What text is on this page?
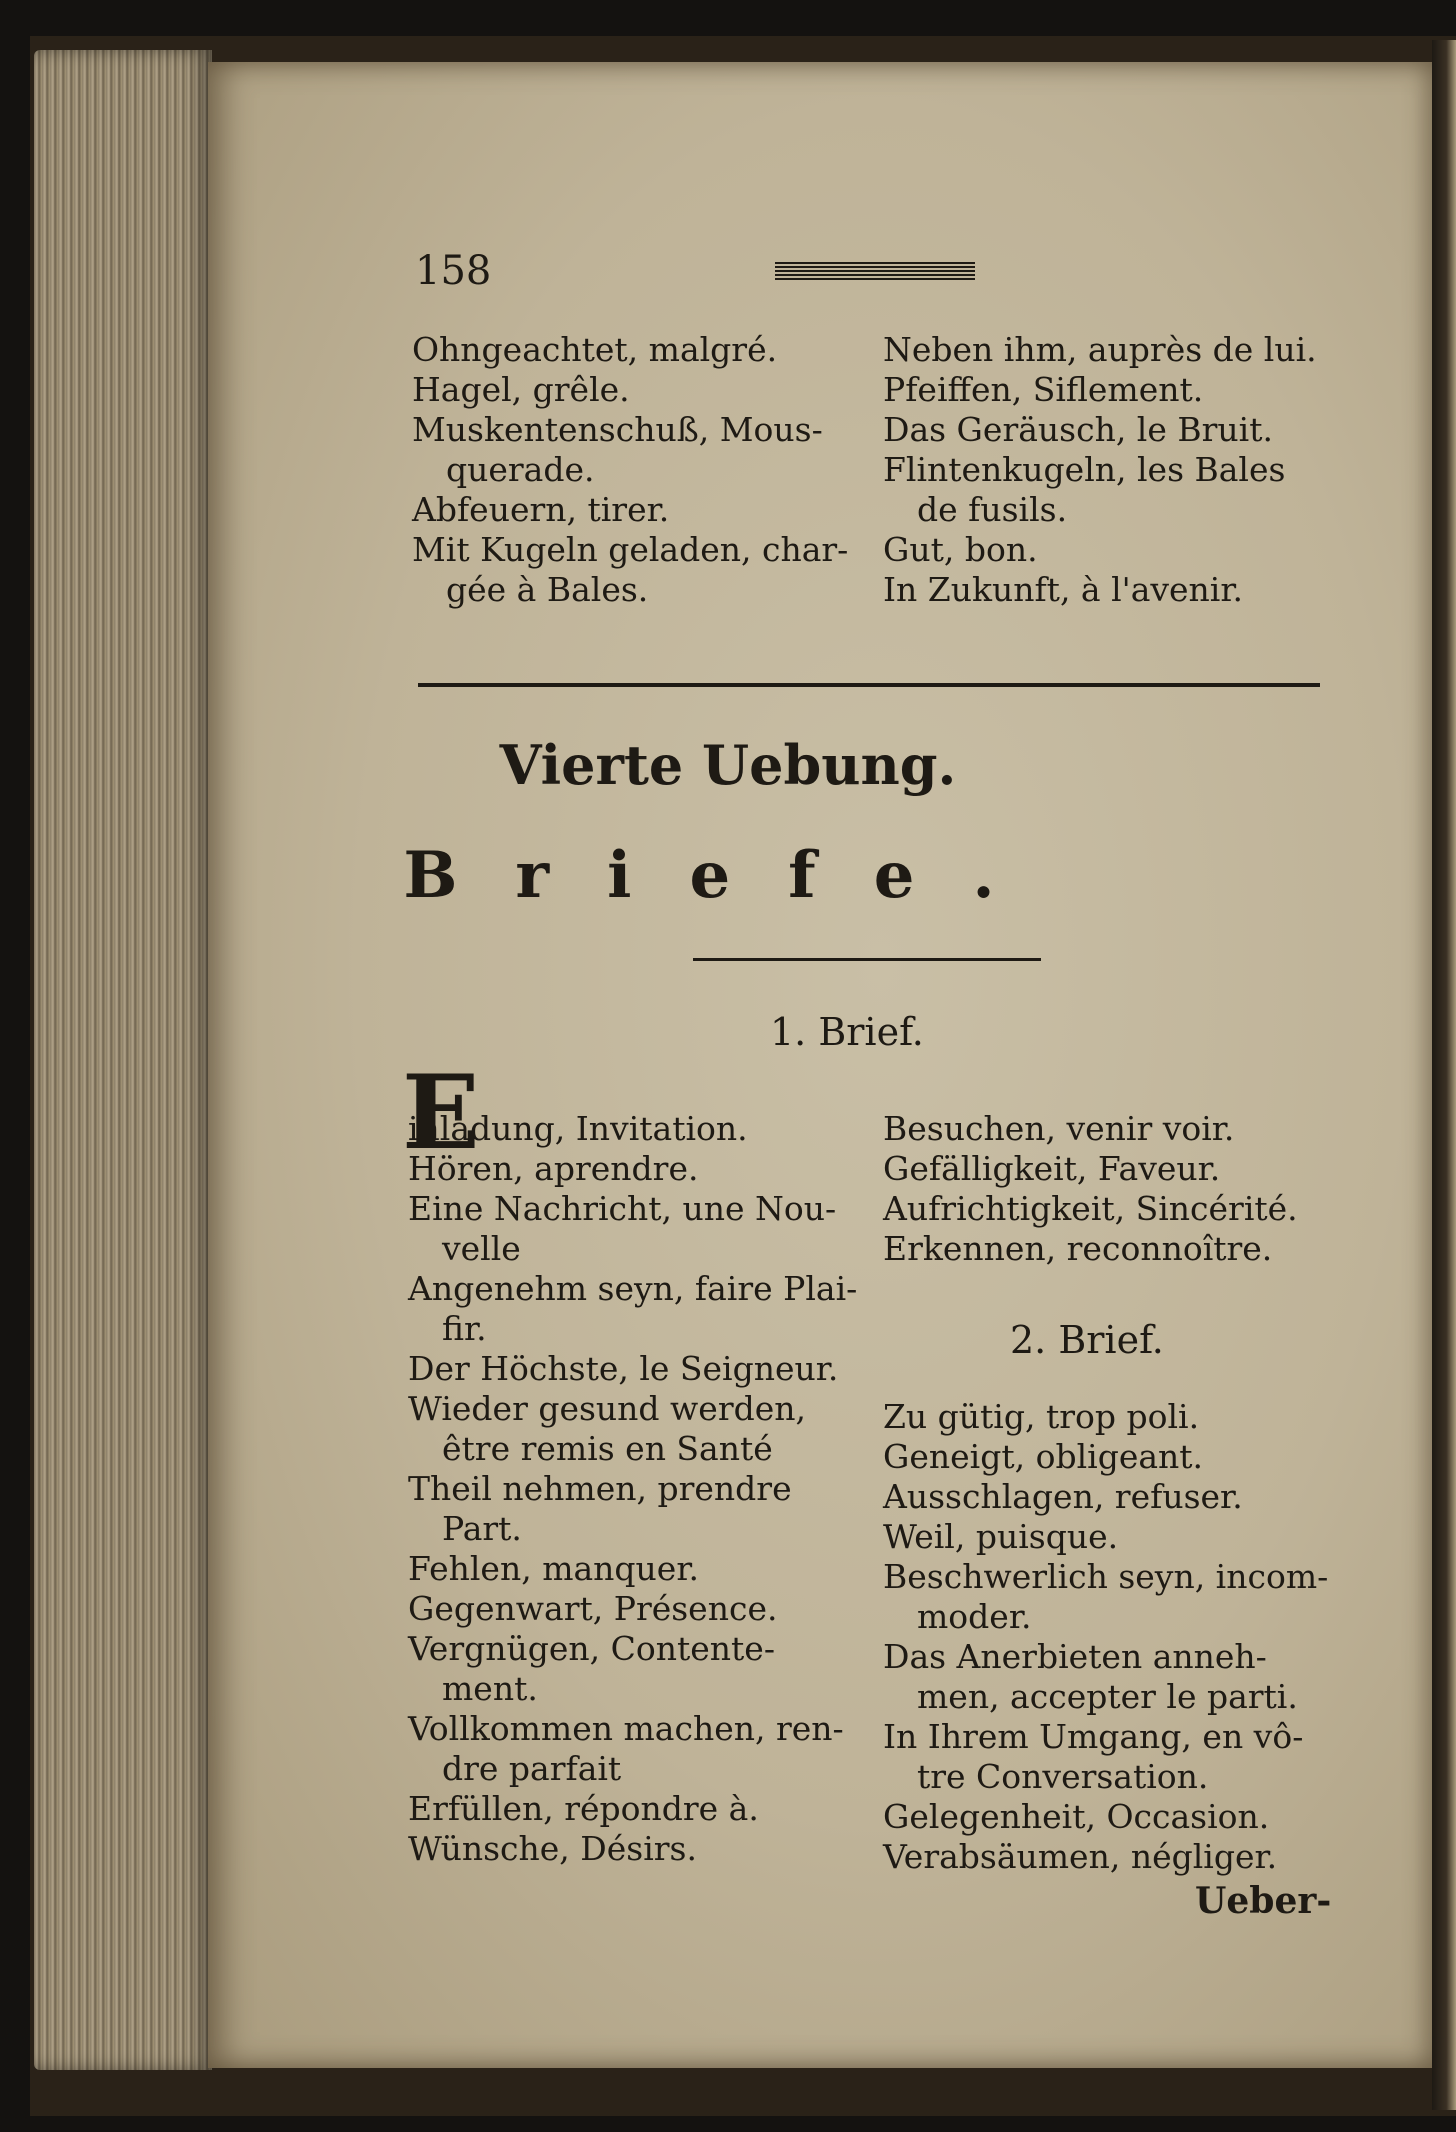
158
Ohngeachtet, malgré.
Hagel, grêle.
Muskentenschuß, Mous-
querade.
Abfeuern, tirer.
Mit Kugeln geladen, char-
gée à Bales.
Neben ihm, auprès de lui.
Pfeiffen, Siflement.
Das Geräusch, le Bruit.
Flintenkugeln, les Bales
de fusils.
Gut, bon.
In Zukunft, à l'avenir.
Vierte Uebung.
Briefe.
1. Brief.
E
inladung, Invitation.
Hören, aprendre.
Eine Nachricht, une Nou-
velle
Angenehm seyn, faire Plai-
fir.
Der Höchste, le Seigneur.
Wieder gesund werden,
être remis en Santé
Theil nehmen, prendre
Part.
Fehlen, manquer.
Gegenwart, Présence.
Vergnügen, Contente-
ment.
Vollkommen machen, ren-
dre parfait
Erfüllen, répondre à.
Wünsche, Désirs.
Besuchen, venir voir.
Gefälligkeit, Faveur.
Aufrichtigkeit, Sincérité.
Erkennen, reconnoître.
2. Brief.
Zu gütig, trop poli.
Geneigt, obligeant.
Ausschlagen, refuser.
Weil, puisque.
Beschwerlich seyn, incom-
moder.
Das Anerbieten anneh-
men, accepter le parti.
In Ihrem Umgang, en vô-
tre Conversation.
Gelegenheit, Occasion.
Verabsäumen, négliger.
Ueber-
